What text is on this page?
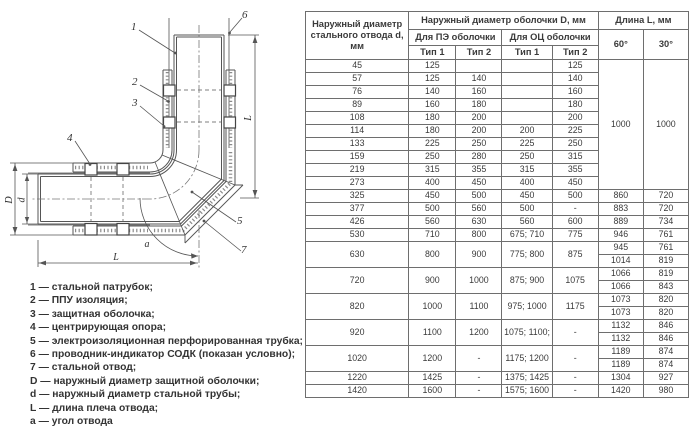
1
2
3
4
5
6
7
D d
L
L
a
1 — стальной патрубок;
2 — ППУ изоляция;
3 — защитная оболочка;
4 — центрирующая опора;
5 — электроизоляционная перфорированная трубка;
6 — проводник-индикатор СОДК (показан условно);
7 — стальной отвод;
D — наружный диаметр защитной оболочки;
d — наружный диаметр стальной трубы;
L — длина плеча отвода;
a — угол отвода
Наружный диаметр стального отвода d, мм	Наружный диаметр оболочки D, мм				Длина L, мм	
	Для ПЭ оболочки		Для ОЦ оболочки		60°	30°
	Тип 1	Тип 2	Тип 1	Тип 2		
45	125			125	1000	1000
57	125	140		140		
76	140	160		160		
89	160	180		180		
108	180	200		200		
114	180	200	200	225		
133	225	250	225	250		
159	250	280	250	315		
219	315	355	315	355		
273	400	450	400	450		
325	450	500	450	500	860	720
377	500	560	500	-	883	720
426	560	630	560	600	889	734
530	710	800	675; 710	775	946	761
630	800	900	775; 800	875	945	761
					1014	819
720	900	1000	875; 900	1075	1066	819
					1066	843
820	1000	1100	975; 1000	1175	1073	820
					1073	820
920	1100	1200	1075; 1100;	-	1132	846
					1132	846
1020	1200	-	1175; 1200	-	1189	874
					1189	874
1220	1425	-	1375; 1425	-	1304	927
1420	1600	-	1575; 1600	-	1420	980
